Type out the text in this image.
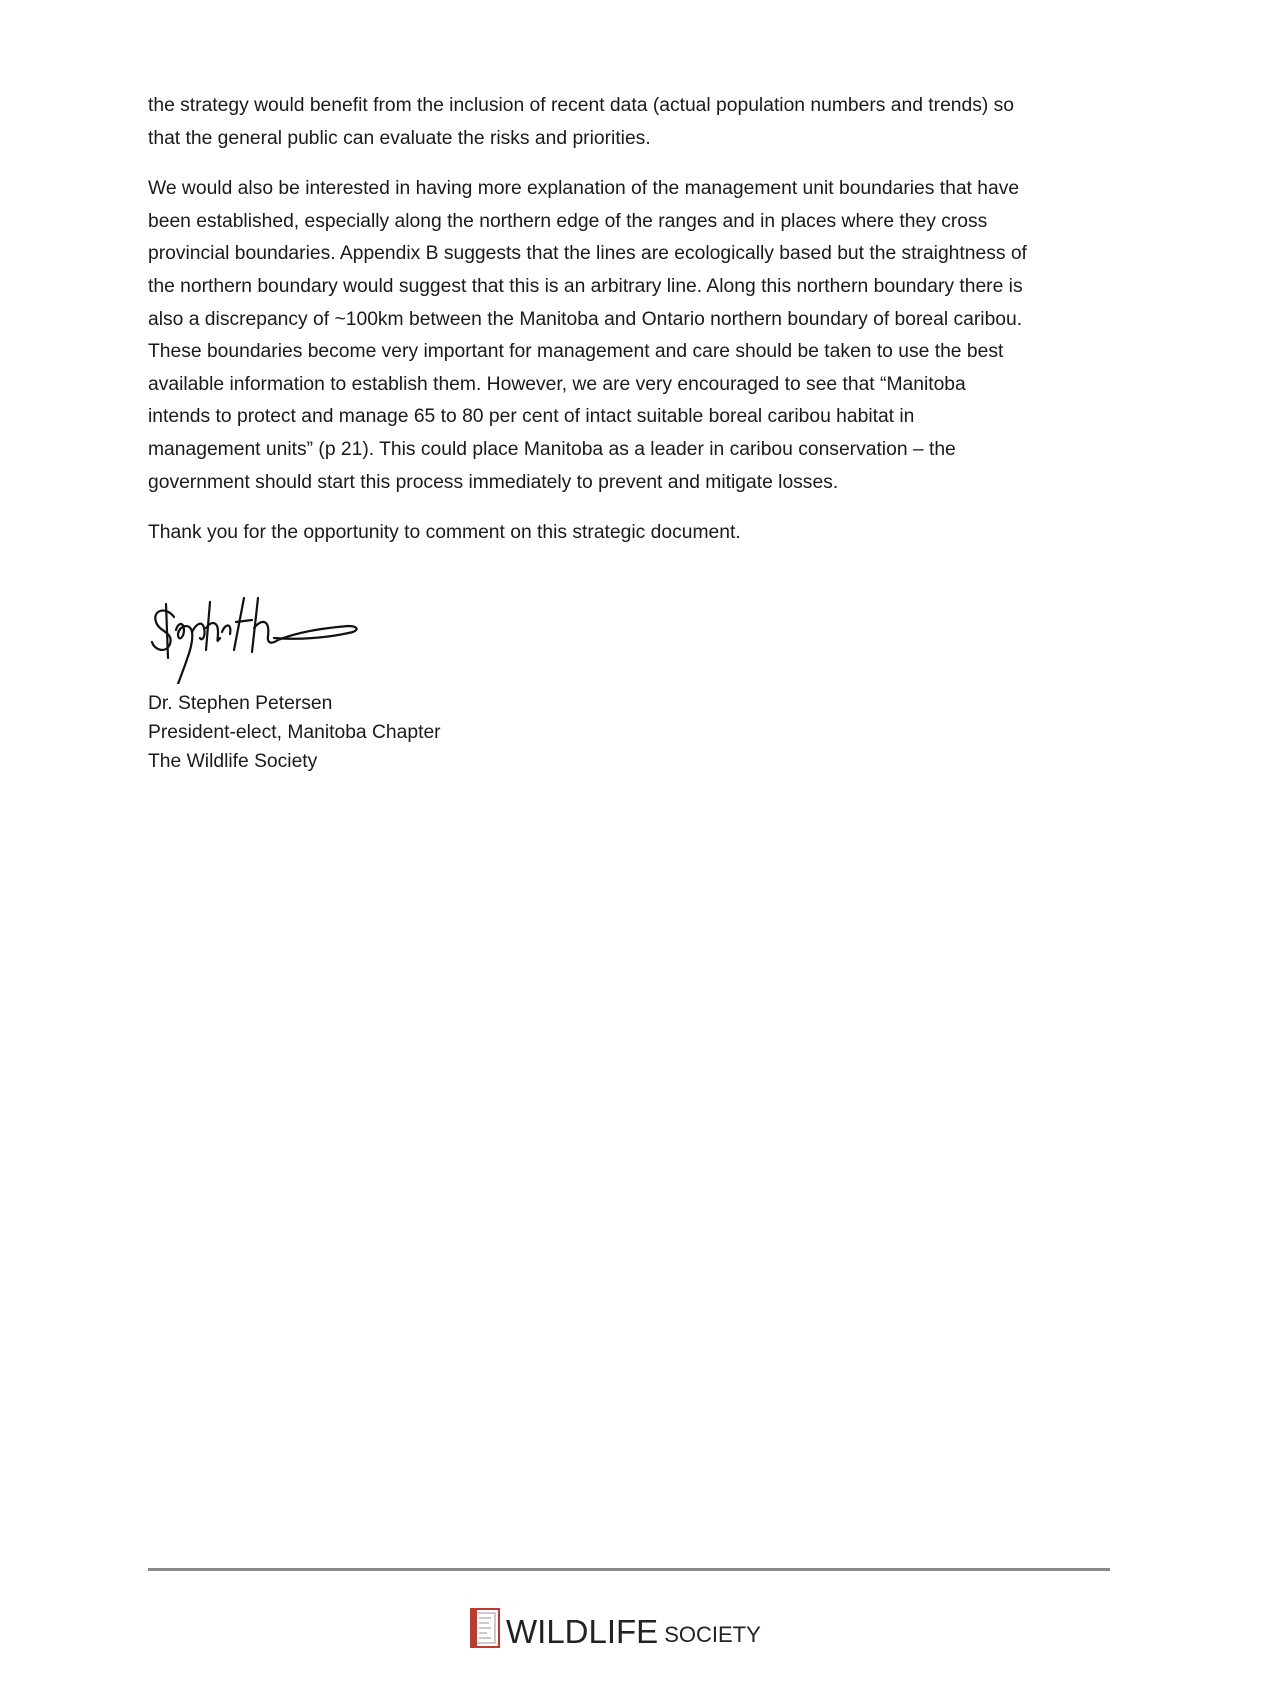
the strategy would benefit from the inclusion of recent data (actual population numbers and trends) so
that the general public can evaluate the risks and priorities.

We would also be interested in having more explanation of the management unit boundaries that have
been established, especially along the northern edge of the ranges and in places where they cross
provincial boundaries. Appendix B suggests that the lines are ecologically based but the straightness of
the northern boundary would suggest that this is an arbitrary line. Along this northern boundary there is
also a discrepancy of ~100km between the Manitoba and Ontario northern boundary of boreal caribou.
These boundaries become very important for management and care should be taken to use the best
available information to establish them. However, we are very encouraged to see that “Manitoba
intends to protect and manage 65 to 80 per cent of intact suitable boreal caribou habitat in
management units” (p 21). This could place Manitoba as a leader in caribou conservation – the
government should start this process immediately to prevent and mitigate losses.

Thank you for the opportunity to comment on this strategic document.

Dr. Stephen Petersen
President-elect, Manitoba Chapter
The Wildlife Society
WILDLIFE SOCIETY
